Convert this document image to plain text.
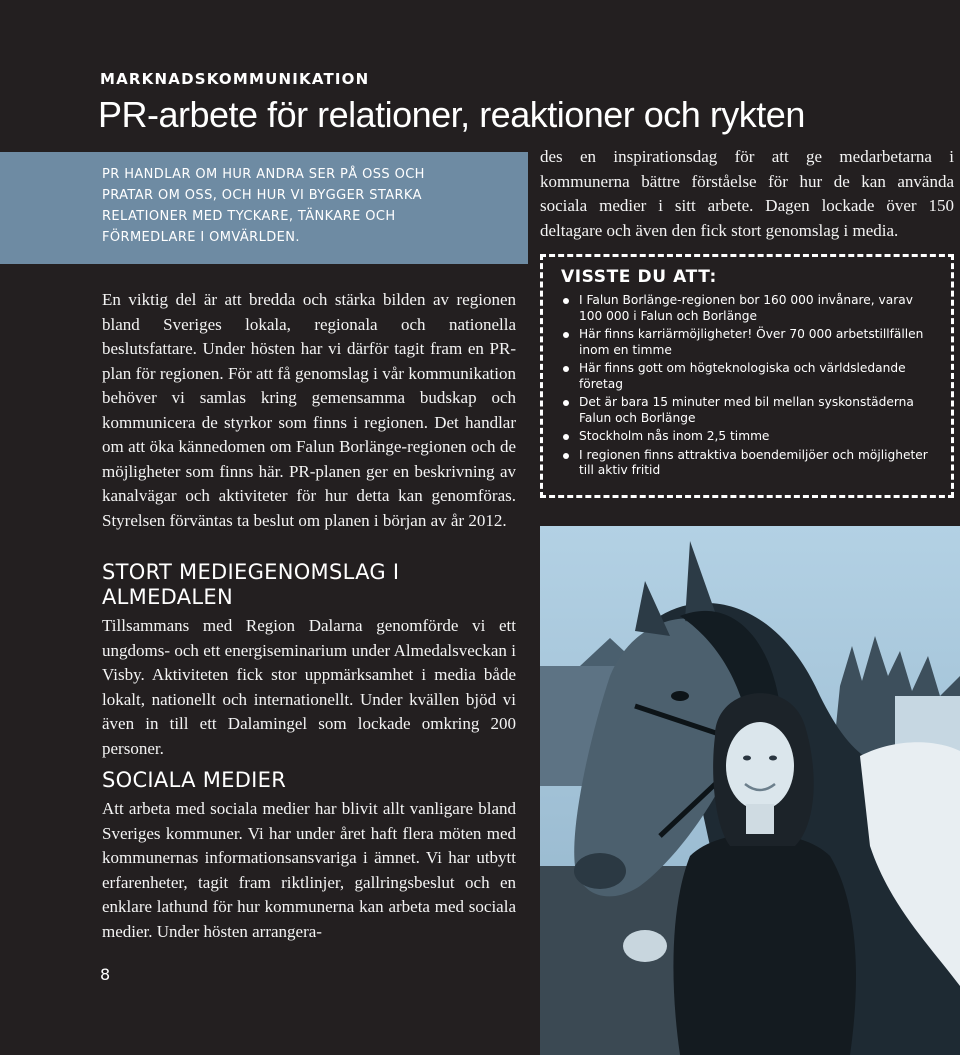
MARKNADSKOMMUNIKATION
PR-arbete för relationer, reaktioner och rykten

PR HANDLAR OM HUR ANDRA SER PÅ OSS OCH PRATAR OM OSS, OCH HUR VI BYGGER STARKA RELATIONER MED TYCKARE, TÄNKARE OCH FÖRMEDLARE I OMVÄRLDEN.

En viktig del är att bredda och stärka bilden av regionen bland Sveriges lokala, regionala och nationella beslutsfattare. Under hösten har vi därför tagit fram en PR-plan för regionen. För att få genomslag i vår kommunikation behöver vi samlas kring gemensamma budskap och kommunicera de styrkor som finns i regionen. Det handlar om att öka kännedomen om Falun Borlänge-regionen och de möjligheter som finns här. PR-planen ger en beskrivning av kanalvägar och aktiviteter för hur detta kan genomföras. Styrelsen förväntas ta beslut om planen i början av år 2012.

STORT MEDIEGENOMSLAG I ALMEDALEN

Tillsammans med Region Dalarna genomförde vi ett ungdoms- och ett energiseminarium under Almedalsveckan i Visby. Aktiviteten fick stor uppmärksamhet i media både lokalt, nationellt och internationellt. Under kvällen bjöd vi även in till ett Dalamingel som lockade omkring 200 personer.

SOCIALA MEDIER

Att arbeta med sociala medier har blivit allt vanligare bland Sveriges kommuner. Vi har under året haft flera möten med kommunernas informationsansvariga i ämnet. Vi har utbytt erfarenheter, tagit fram riktlinjer, gallringsbeslut och en enklare lathund för hur kommunerna kan arbeta med sociala medier. Under hösten arrangera-

8

des en inspirationsdag för att ge medarbetarna i kommunerna bättre förståelse för hur de kan använda sociala medier i sitt arbete. Dagen lockade över 150 deltagare och även den fick stort genomslag i media.

VISSTE DU ATT:
I Falun Borlänge-regionen bor 160 000 invånare, varav 100 000 i Falun och Borlänge
Här finns karriärmöjligheter! Över 70 000 arbetstillfällen inom en timme
Här finns gott om högteknologiska och världsledande företag
Det är bara 15 minuter med bil mellan syskonstäderna Falun och Borlänge
Stockholm nås inom 2,5 timme
I regionen finns attraktiva boendemiljöer och möjligheter till aktiv fritid
